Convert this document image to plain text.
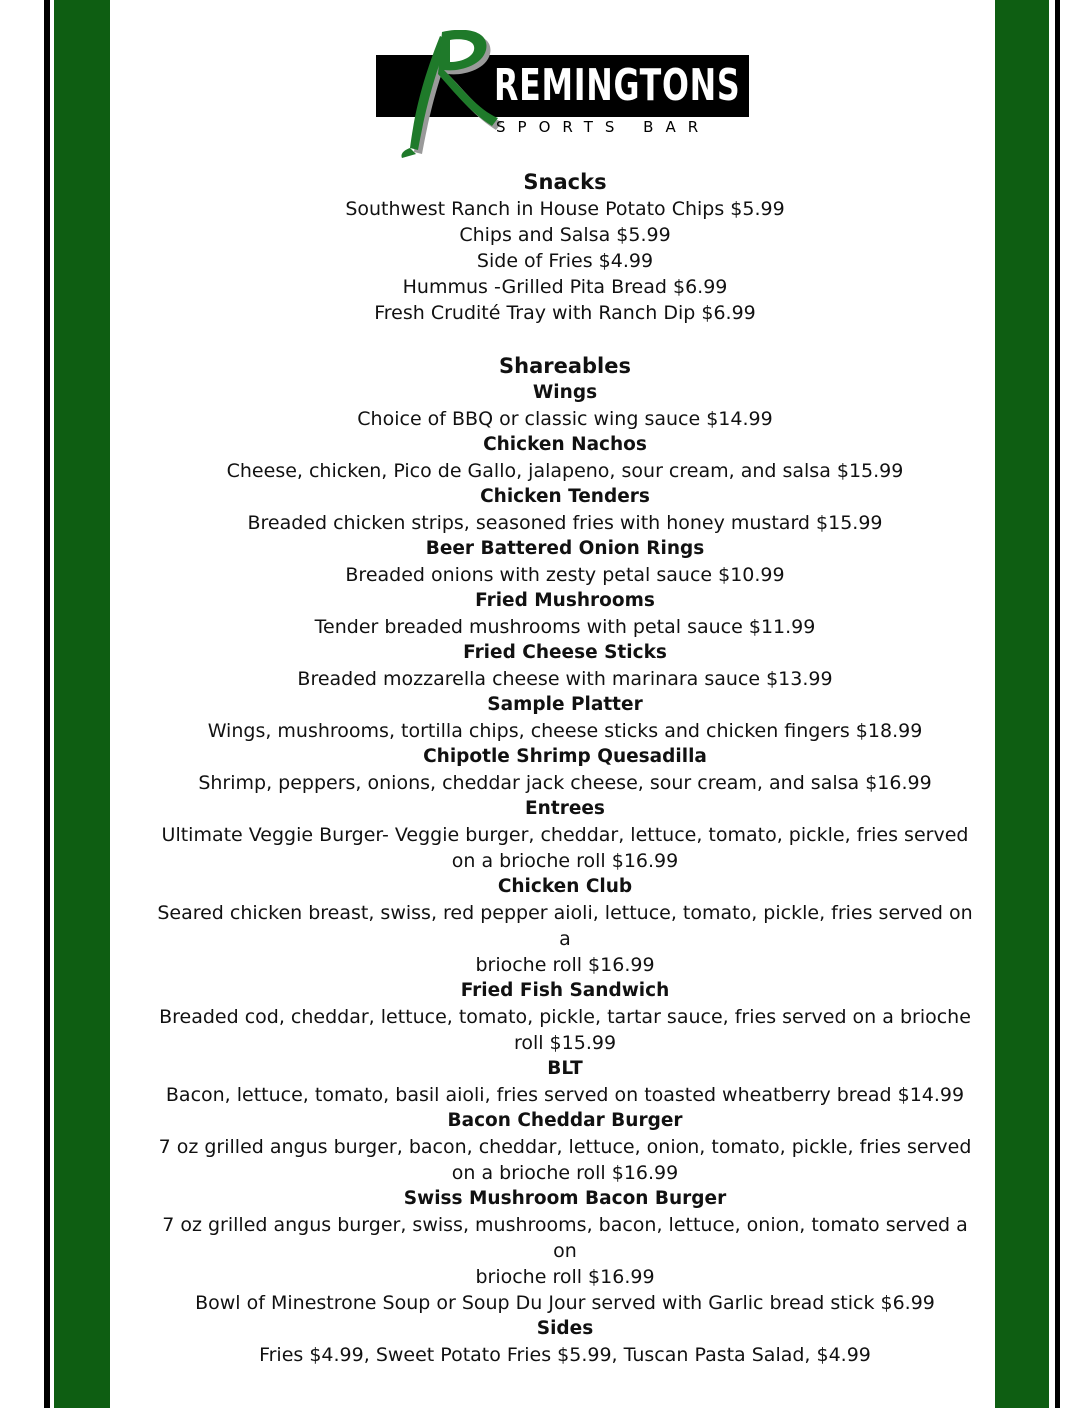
REMINGTONS
SPORTS BAR
Snacks
Southwest Ranch in House Potato Chips $5.99
Chips and Salsa $5.99
Side of Fries $4.99
Hummus -Grilled Pita Bread $6.99
Fresh Crudité Tray with Ranch Dip $6.99
Shareables
Wings
Choice of BBQ or classic wing sauce $14.99
Chicken Nachos
Cheese, chicken, Pico de Gallo, jalapeno, sour cream, and salsa $15.99
Chicken Tenders
Breaded chicken strips, seasoned fries with honey mustard $15.99
Beer Battered Onion Rings
Breaded onions with zesty petal sauce $10.99
Fried Mushrooms
Tender breaded mushrooms with petal sauce $11.99
Fried Cheese Sticks
Breaded mozzarella cheese with marinara sauce $13.99
Sample Platter
Wings, mushrooms, tortilla chips, cheese sticks and chicken fingers $18.99
Chipotle Shrimp Quesadilla
Shrimp, peppers, onions, cheddar jack cheese, sour cream, and salsa $16.99
Entrees
Ultimate Veggie Burger- Veggie burger, cheddar, lettuce, tomato, pickle, fries served
on a brioche roll $16.99
Chicken Club
Seared chicken breast, swiss, red pepper aioli, lettuce, tomato, pickle, fries served on a
brioche roll $16.99
Fried Fish Sandwich
Breaded cod, cheddar, lettuce, tomato, pickle, tartar sauce, fries served on a brioche
roll $15.99
BLT
Bacon, lettuce, tomato, basil aioli, fries served on toasted wheatberry bread $14.99
Bacon Cheddar Burger
7 oz grilled angus burger, bacon, cheddar, lettuce, onion, tomato, pickle, fries served
on a brioche roll $16.99
Swiss Mushroom Bacon Burger
7 oz grilled angus burger, swiss, mushrooms, bacon, lettuce, onion, tomato served a on
brioche roll $16.99
Bowl of Minestrone Soup or Soup Du Jour served with Garlic bread stick $6.99
Sides
Fries $4.99, Sweet Potato Fries $5.99, Tuscan Pasta Salad, $4.99
